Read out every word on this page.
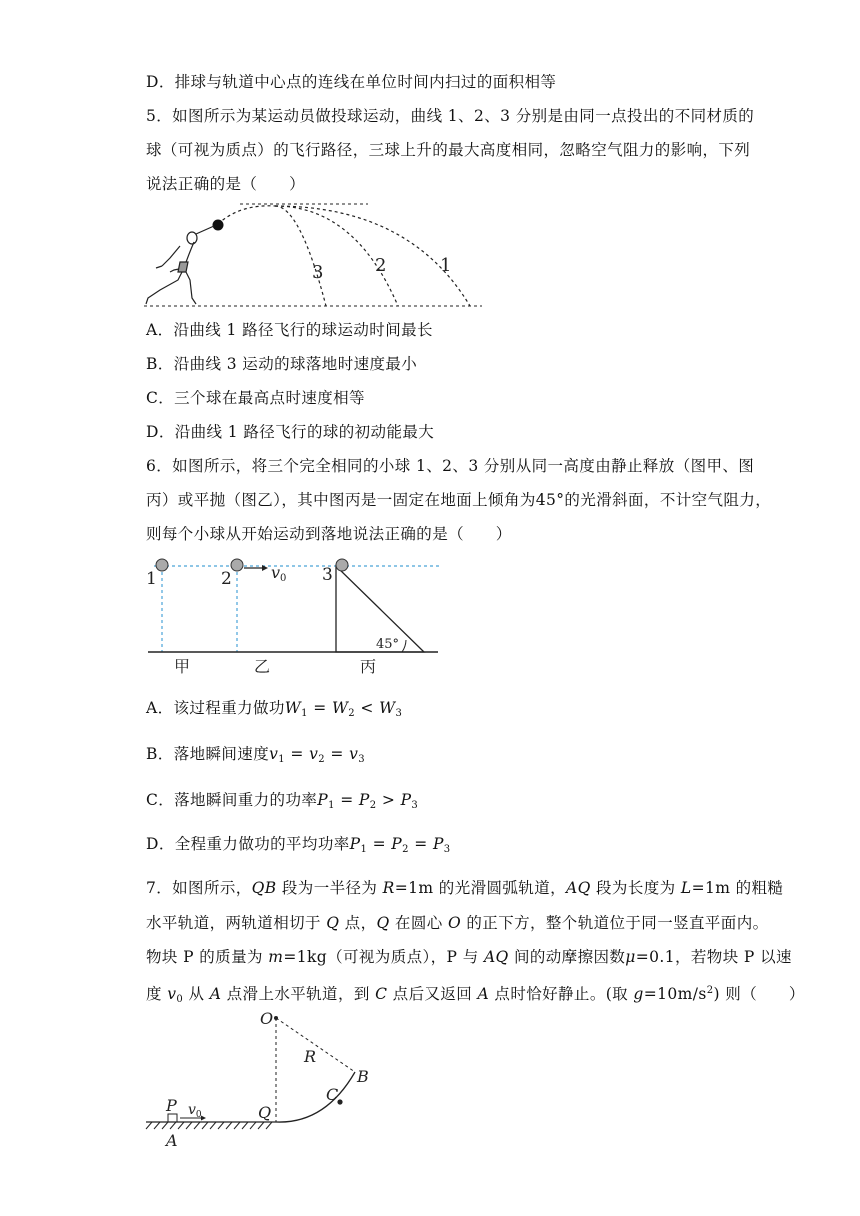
D．排球与轨道中心点的连线在单位时间内扫过的面积相等
5．如图所示为某运动员做投球运动，曲线 1、2、3 分别是由同一点投出的不同材质的
球（可视为质点）的飞行路径，三球上升的最大高度相同，忽略空气阻力的影响，下列
说法正确的是（　　）
3	2	1
A．沿曲线 1 路径飞行的球运动时间最长
B．沿曲线 3 运动的球落地时速度最小
C．三个球在最高点时速度相等
D．沿曲线 1 路径飞行的球的初动能最大
6．如图所示，将三个完全相同的小球 1、2、3 分别从同一高度由静止释放（图甲、图
丙）或平抛（图乙），其中图丙是一固定在地面上倾角为45°的光滑斜面，不计空气阻力，
则每个小球从开始运动到落地说法正确的是（　　）
v0
1	2	3
45°
甲	乙	丙
A．该过程重力做功$W_1 = W_2 < W_3$
B．落地瞬间速度$v_1 = v_2 = v_3$
C．落地瞬间重力的功率$P_1 = P_2 > P_3$
D．全程重力做功的平均功率$P_1 = P_2 = P_3$
7．如图所示，QB 段为一半径为 R=1m 的光滑圆弧轨道，AQ 段为长度为 L=1m 的粗糙
水平轨道，两轨道相切于 Q 点，Q 在圆心 O 的正下方，整个轨道位于同一竖直平面内。
物块 P 的质量为 m=1kg（可视为质点），P 与 AQ 间的动摩擦因数μ=0.1，若物块 P 以速
度 $v_0$ 从 A 点滑上水平轨道，到 C 点后又返回 A 点时恰好静止。(取 $g=10m/s^2$) 则（　　）
O
R
B
C
Q
P $v_0$
A
